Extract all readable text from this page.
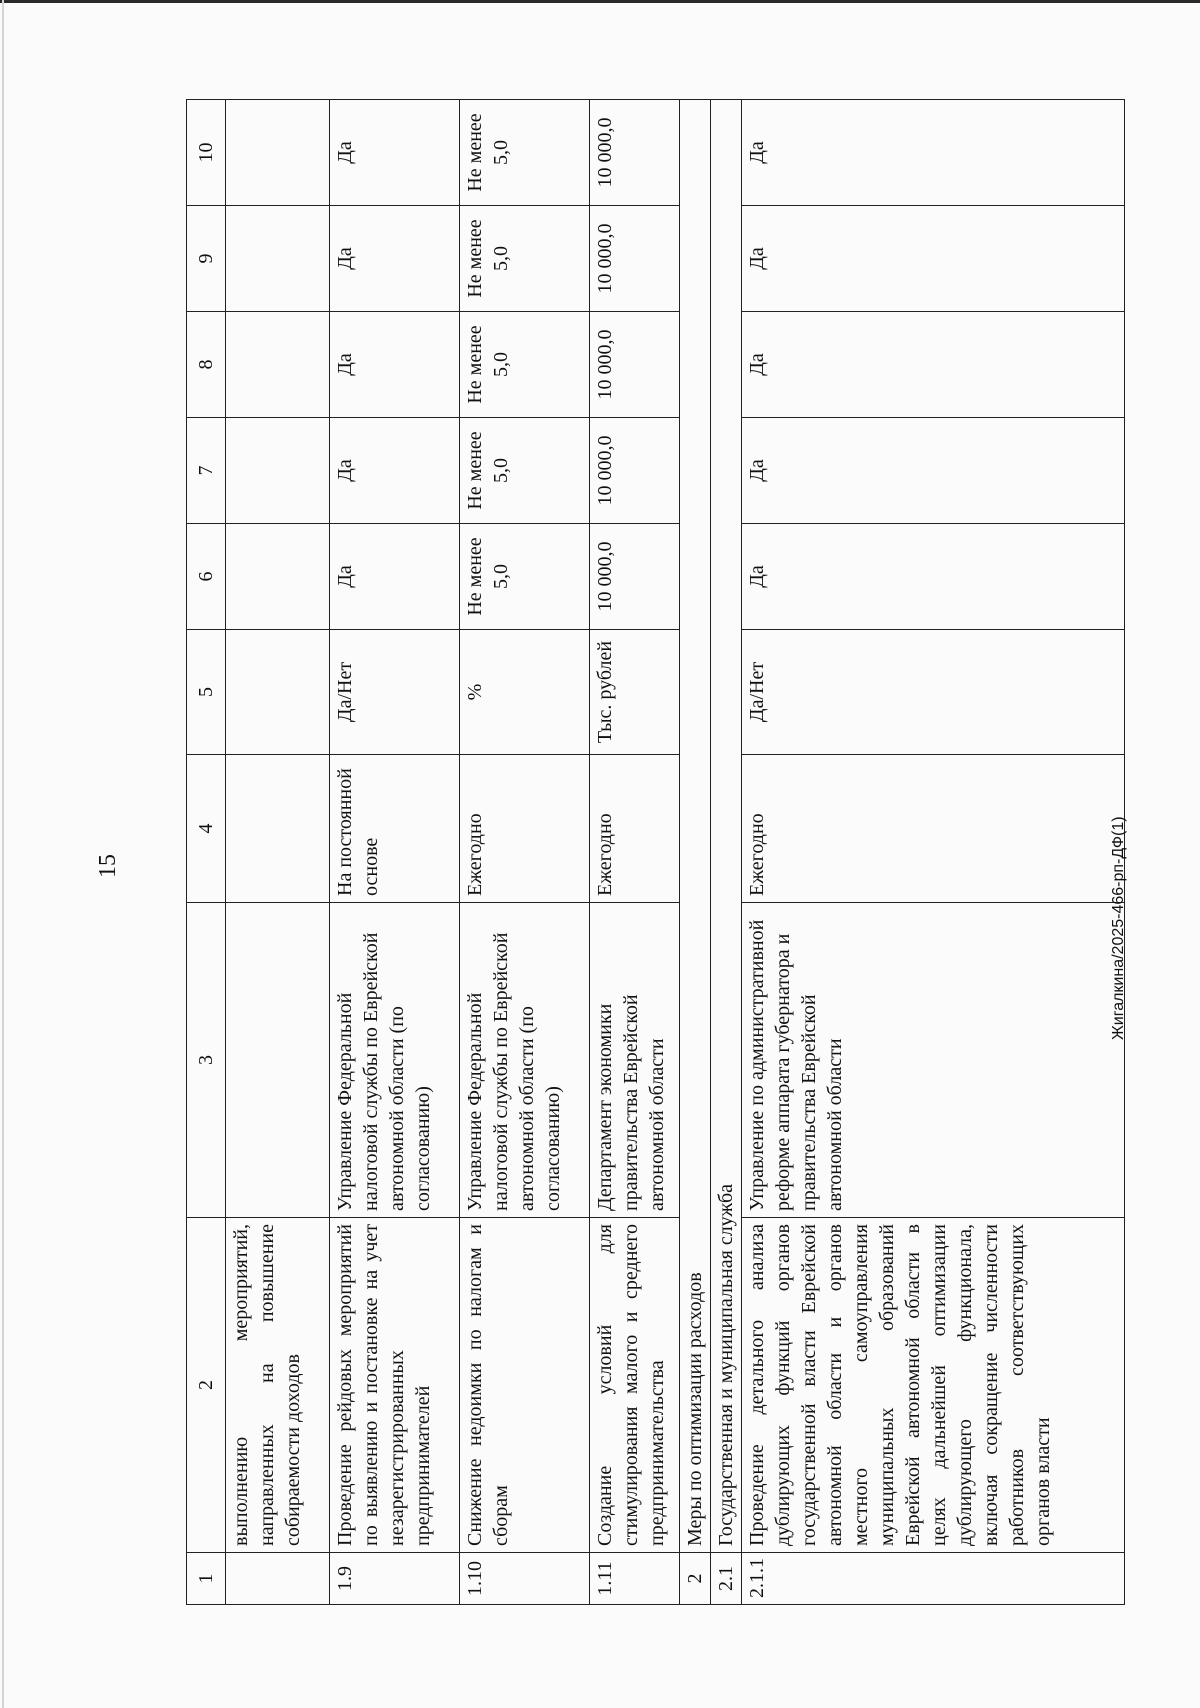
15
1	2	3	4	5	6	7	8	9	10
	выполнению мероприятий, направленных на повышение собираемости доходов								
1.9	Проведение рейдовых мероприятий по выявлению и постановке на учет незарегистрированных предпринимателей	Управление Федеральной налоговой службы по Еврейской автономной области (по согласованию)	На постоянной основе	Да/Нет	Да	Да	Да	Да	Да
1.10	Снижение недоимки по налогам и сборам	Управление Федеральной налоговой службы по Еврейской автономной области (по согласованию)	Ежегодно	%	Не менее 5,0	Не менее 5,0	Не менее 5,0	Не менее 5,0	Не менее 5,0
1.11	Создание условий для стимулирования малого и среднего предпринимательства	Департамент экономики правительства Еврейской автономной области	Ежегодно	Тыс. рублей	10 000,0	10 000,0	10 000,0	10 000,0	10 000,0
2	Меры по оптимизации расходов								
2.1	Государственная и муниципальная служба								
2.1.1	Проведение детального анализа дублирующих функций органов государственной власти Еврейской автономной области и органов местного самоуправления муниципальных образований Еврейской автономной области в целях дальнейшей оптимизации дублирующего функционала, включая сокращение численности работников соответствующих органов власти	Управление по административной реформе аппарата губернатора и правительства Еврейской автономной области	Ежегодно	Да/Нет	Да	Да	Да	Да	Да
Жигалкина/2025-466-рп-ДФ(1)
